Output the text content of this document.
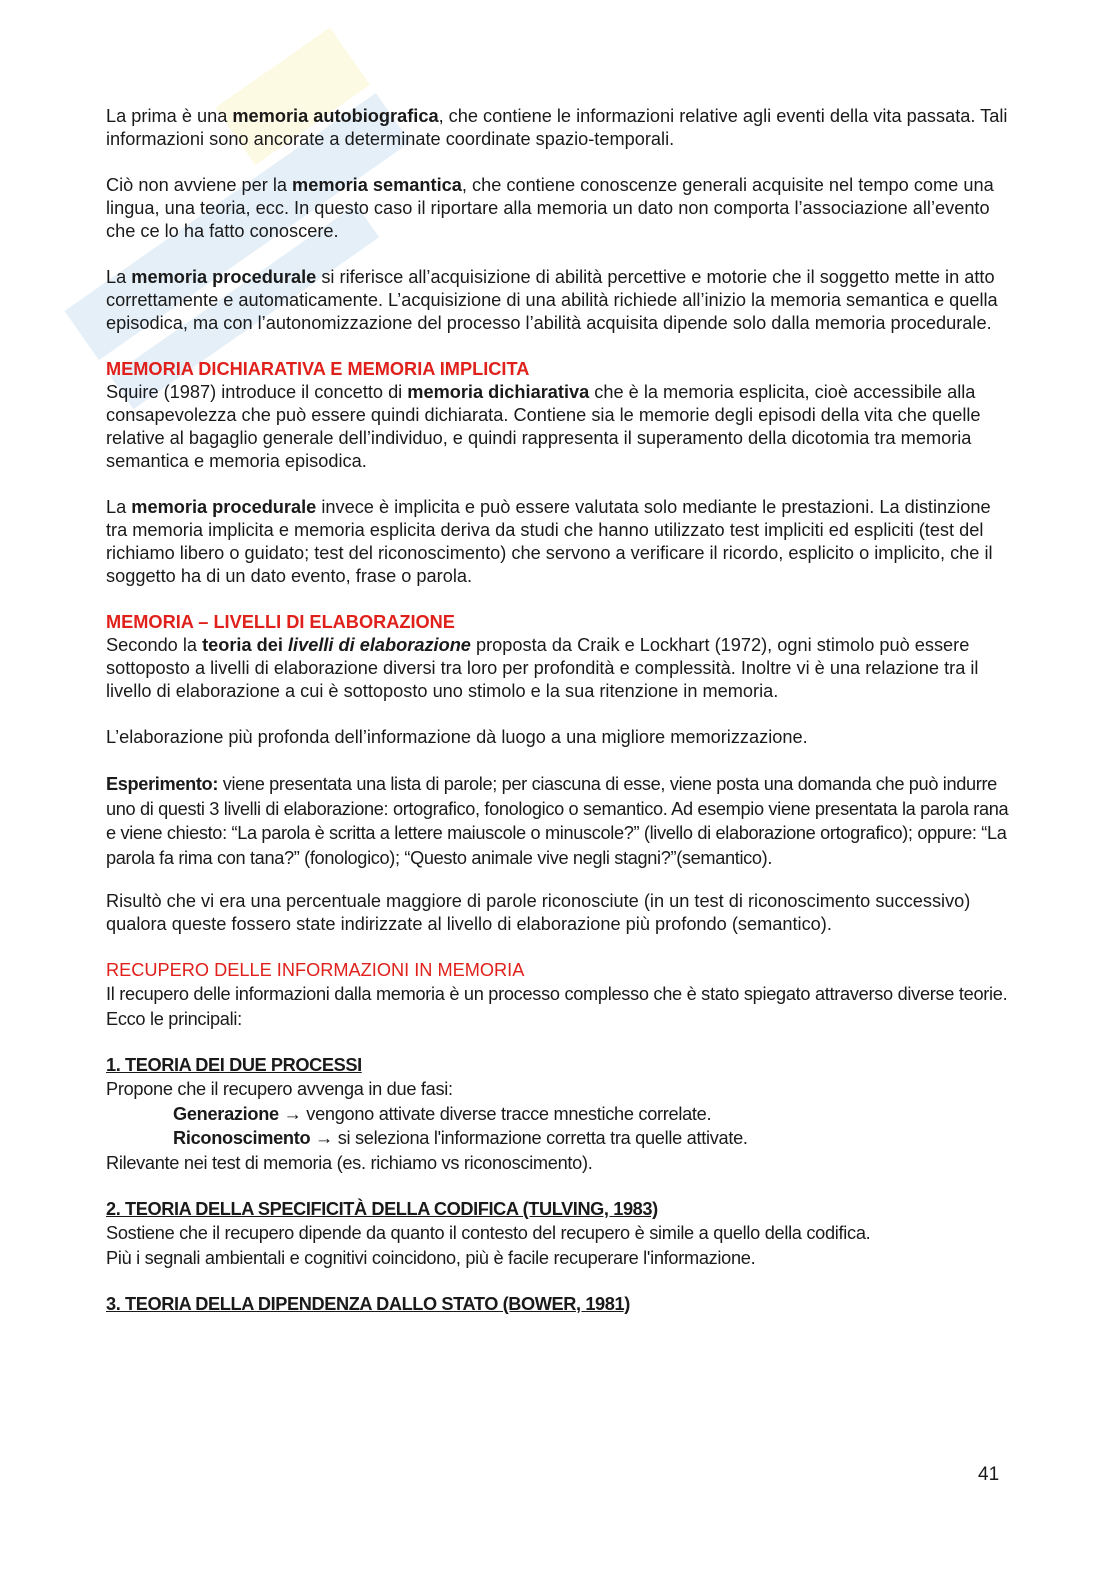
La prima è una memoria autobiografica, che contiene le informazioni relative agli eventi della vita passata. Tali informazioni sono ancorate a determinate coordinate spazio-temporali.

Ciò non avviene per la memoria semantica, che contiene conoscenze generali acquisite nel tempo come una lingua, una teoria, ecc. In questo caso il riportare alla memoria un dato non comporta l’associazione all’evento che ce lo ha fatto conoscere.

La memoria procedurale si riferisce all’acquisizione di abilità percettive e motorie che il soggetto mette in atto correttamente e automaticamente. L’acquisizione di una abilità richiede all’inizio la memoria semantica e quella episodica, ma con l’autonomizzazione del processo l’abilità acquisita dipende solo dalla memoria procedurale.

MEMORIA DICHIARATIVA E MEMORIA IMPLICITA

Squire (1987) introduce il concetto di memoria dichiarativa che è la memoria esplicita, cioè accessibile alla consapevolezza che può essere quindi dichiarata. Contiene sia le memorie degli episodi della vita che quelle relative al bagaglio generale dell’individuo, e quindi rappresenta il superamento della dicotomia tra memoria semantica e memoria episodica.

La memoria procedurale invece è implicita e può essere valutata solo mediante le prestazioni. La distinzione tra memoria implicita e memoria esplicita deriva da studi che hanno utilizzato test impliciti ed espliciti (test del richiamo libero o guidato; test del riconoscimento) che servono a verificare il ricordo, esplicito o implicito, che il soggetto ha di un dato evento, frase o parola.

MEMORIA – LIVELLI DI ELABORAZIONE

Secondo la teoria dei livelli di elaborazione proposta da Craik e Lockhart (1972), ogni stimolo può essere sottoposto a livelli di elaborazione diversi tra loro per profondità e complessità. Inoltre vi è una relazione tra il livello di elaborazione a cui è sottoposto uno stimolo e la sua ritenzione in memoria.

L’elaborazione più profonda dell’informazione dà luogo a una migliore memorizzazione.

Esperimento: viene presentata una lista di parole; per ciascuna di esse, viene posta una domanda che può indurre uno di questi 3 livelli di elaborazione: ortografico, fonologico o semantico. Ad esempio viene presentata la parola rana e viene chiesto: “La parola è scritta a lettere maiuscole o minuscole?” (livello di elaborazione ortografico); oppure: “La parola fa rima con tana?” (fonologico); “Questo animale vive negli stagni?”(semantico).

Risultò che vi era una percentuale maggiore di parole riconosciute (in un test di riconoscimento successivo) qualora queste fossero state indirizzate al livello di elaborazione più profondo (semantico).

RECUPERO DELLE INFORMAZIONI IN MEMORIA

Il recupero delle informazioni dalla memoria è un processo complesso che è stato spiegato attraverso diverse teorie. Ecco le principali:

1. TEORIA DEI DUE PROCESSI

Propone che il recupero avvenga in due fasi:

Generazione → vengono attivate diverse tracce mnestiche correlate.

Riconoscimento → si seleziona l'informazione corretta tra quelle attivate.

Rilevante nei test di memoria (es. richiamo vs riconoscimento).

2. TEORIA DELLA SPECIFICITÀ DELLA CODIFICA (TULVING, 1983)

Sostiene che il recupero dipende da quanto il contesto del recupero è simile a quello della codifica.

Più i segnali ambientali e cognitivi coincidono, più è facile recuperare l'informazione.

3. TEORIA DELLA DIPENDENZA DALLO STATO (BOWER, 1981)
41
